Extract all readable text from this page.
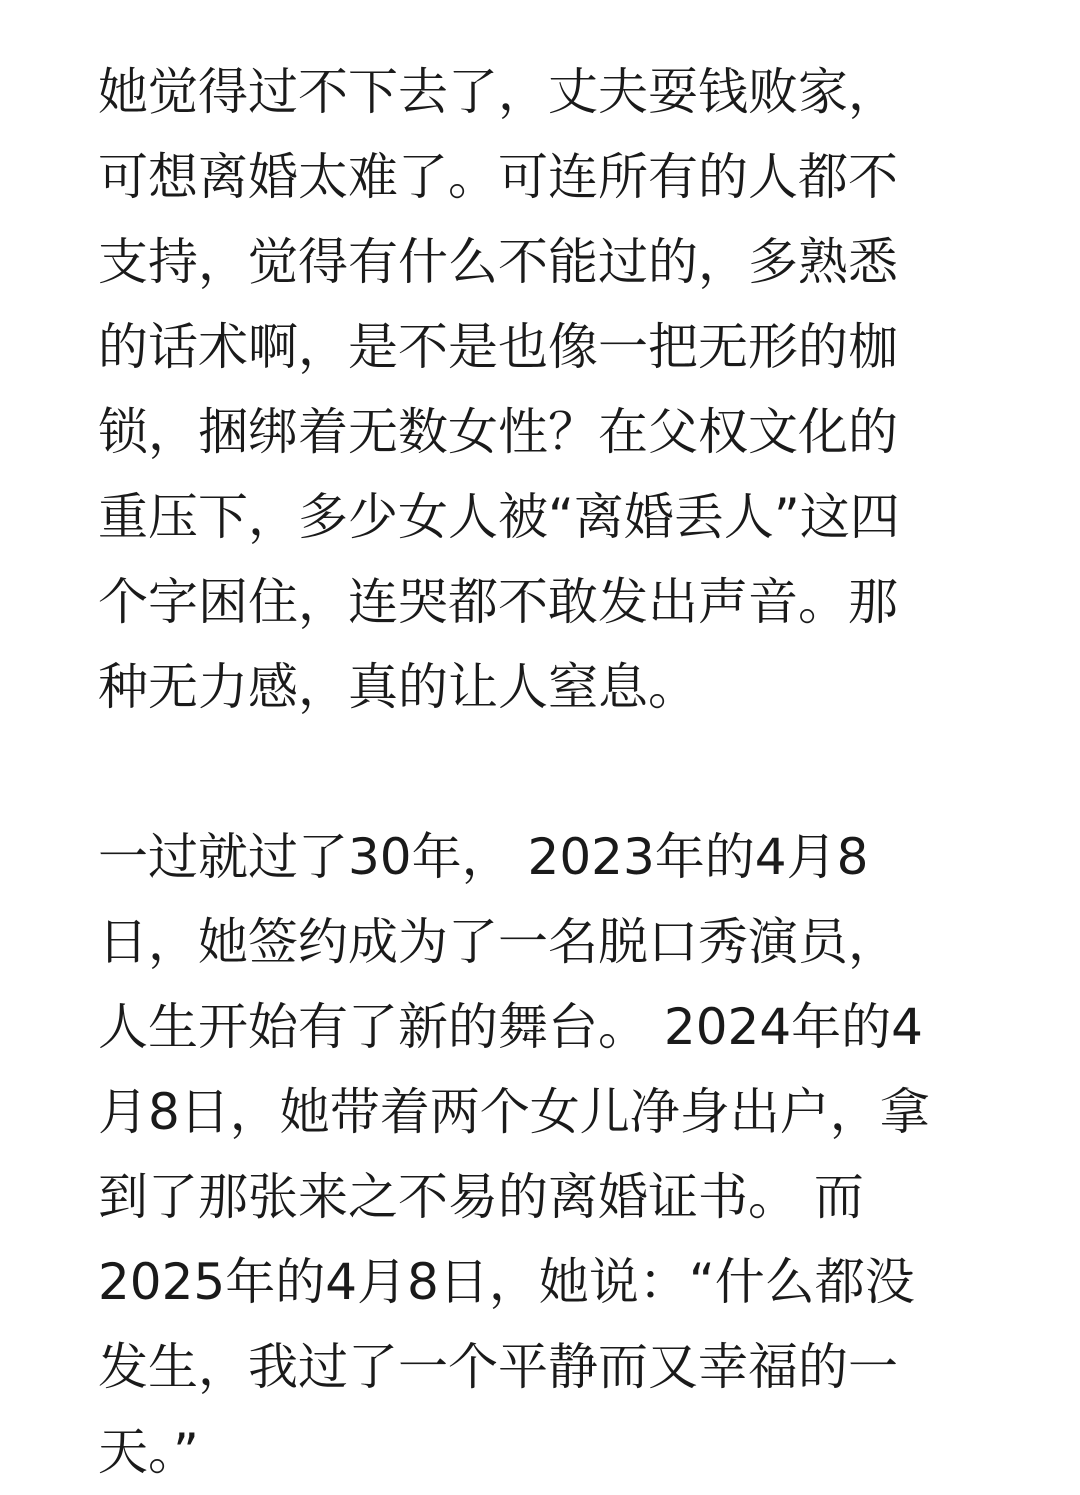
她觉得过不下去了，丈夫耍钱败家，
可想离婚太难了。可连所有的人都不
支持，觉得有什么不能过的，多熟悉
的话术啊，是不是也像一把无形的枷
锁，捆绑着无数女性？在父权文化的
重压下，多少女人被“离婚丢人”这四
个字困住，连哭都不敢发出声音。那
种无力感，真的让人窒息。
一过就过了30年， 2023年的4月8
日，她签约成为了一名脱口秀演员，
人生开始有了新的舞台。 2024年的4
月8日，她带着两个女儿净身出户，拿
到了那张来之不易的离婚证书。 而
2025年的4月8日，她说：“什么都没
发生，我过了一个平静而又幸福的一
天。”
